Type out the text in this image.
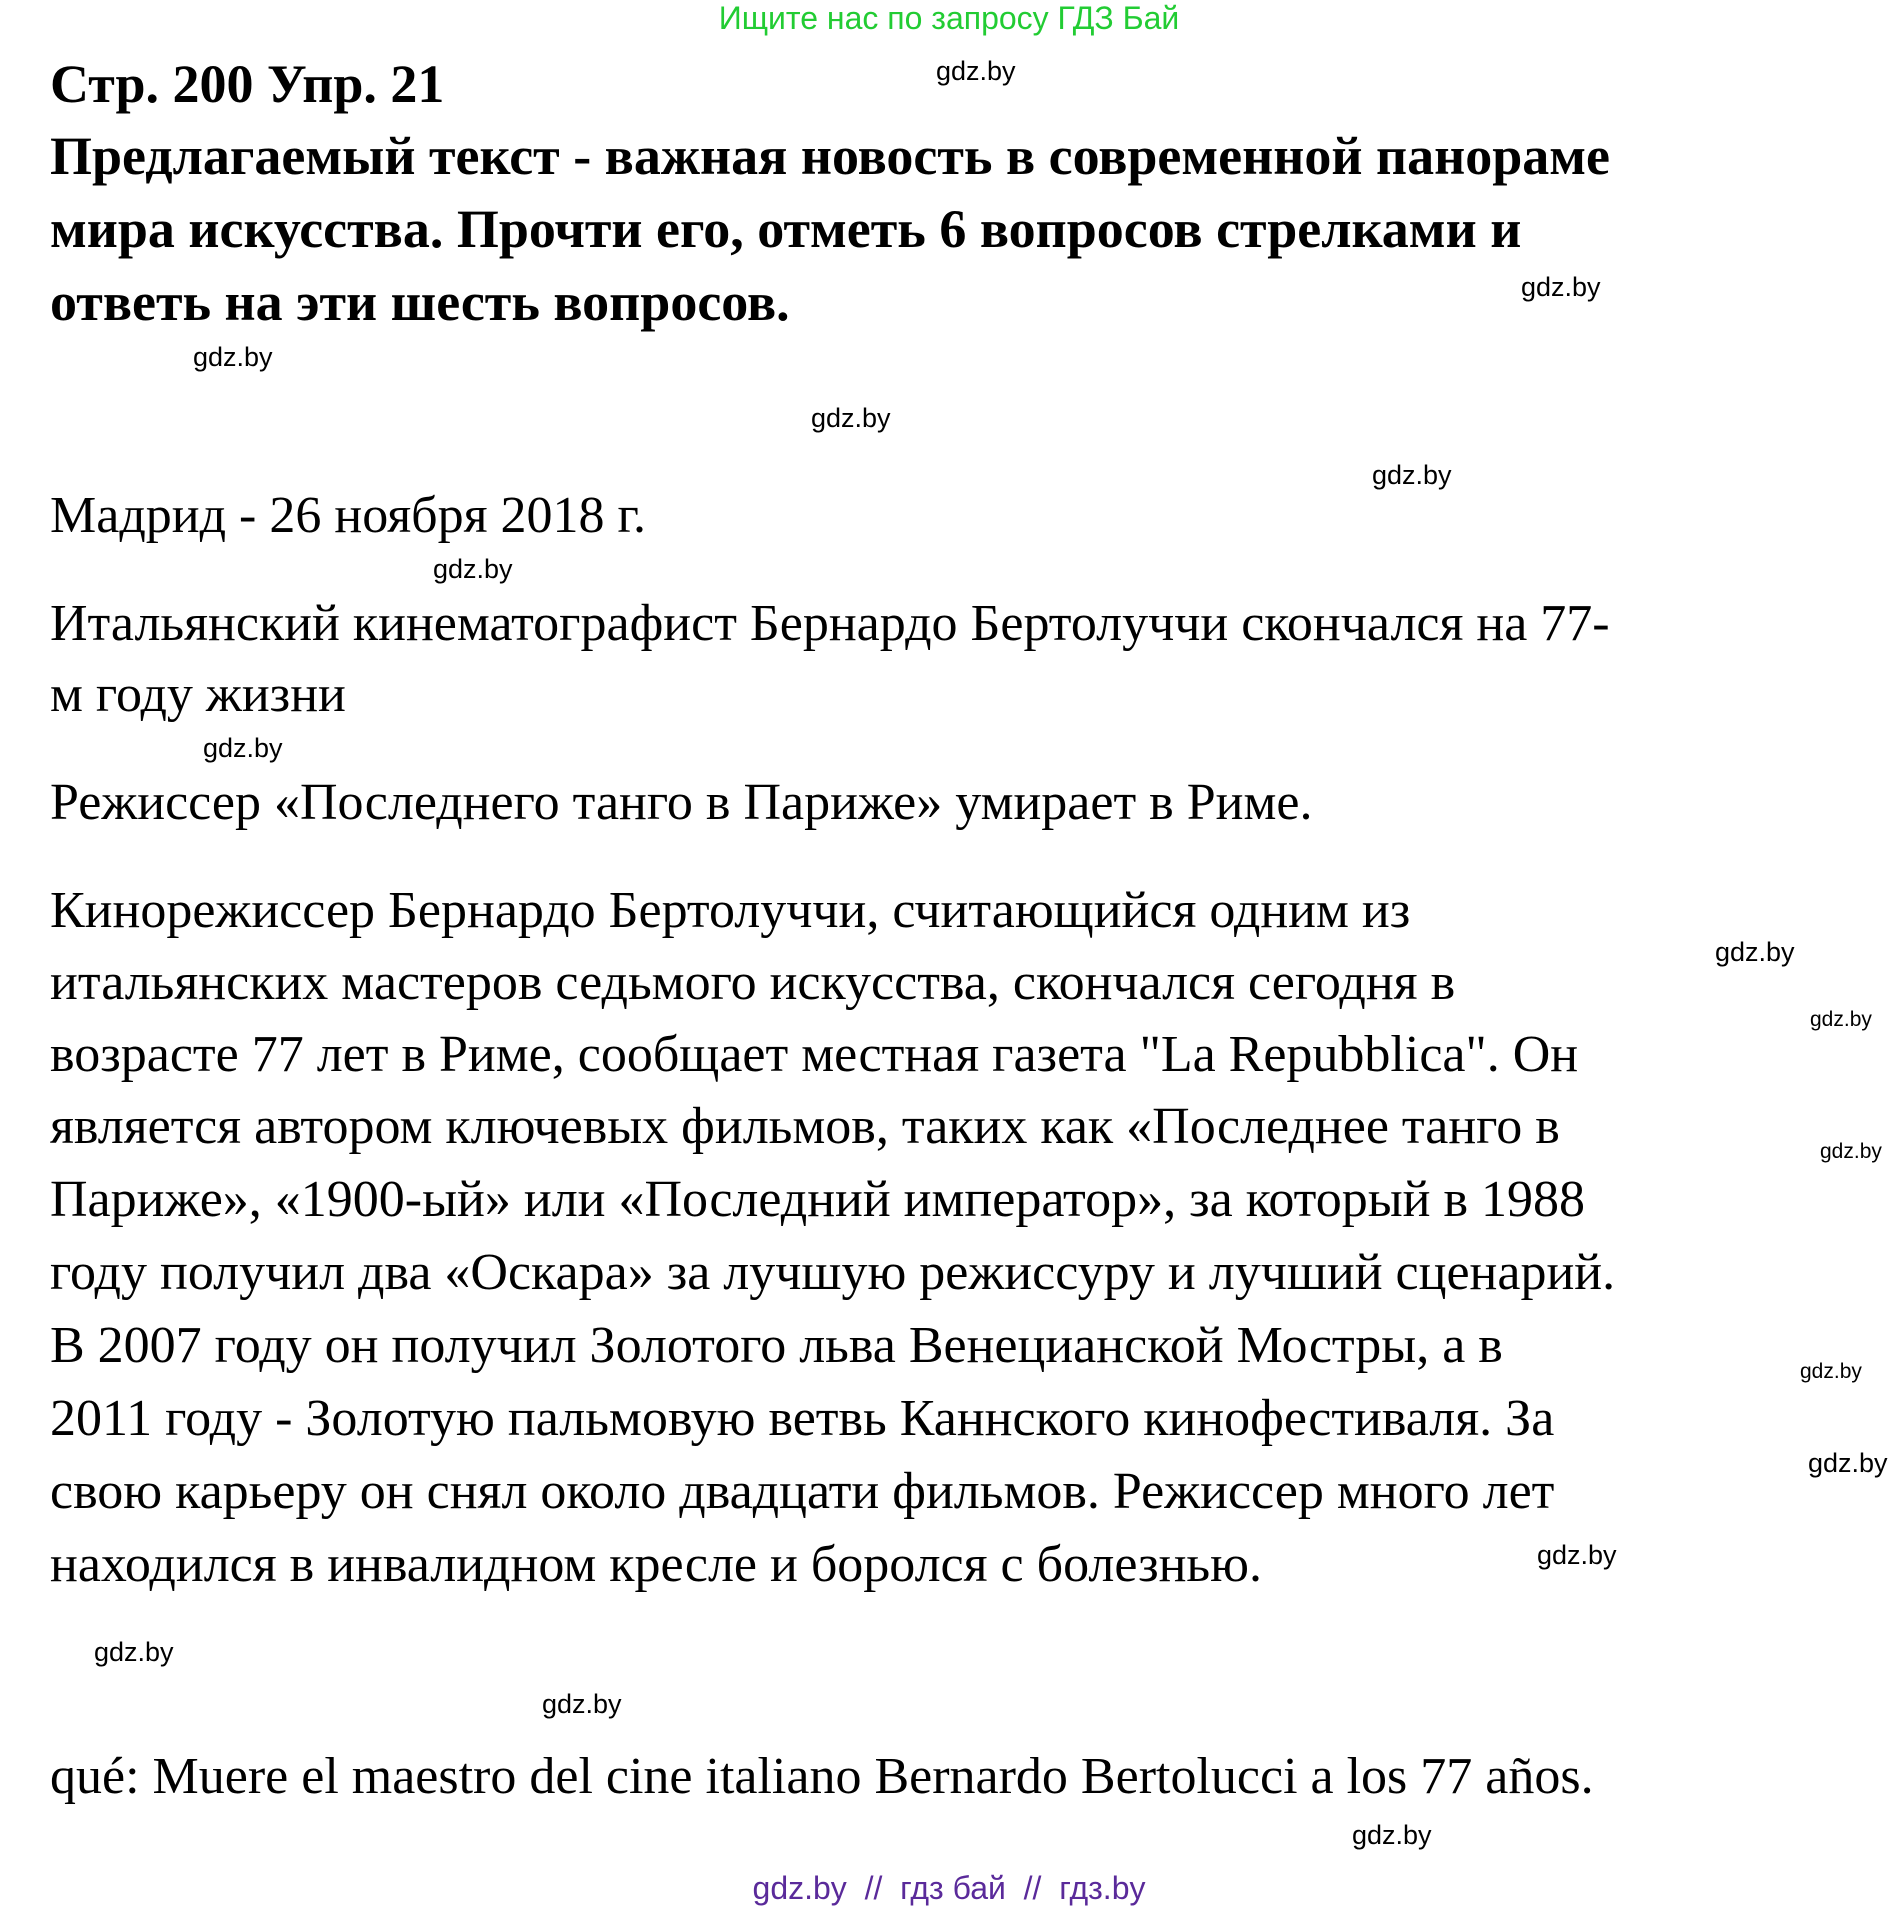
Ищите нас по запросу ГДЗ Бай
Стр. 200 Упр. 21
Предлагаемый текст - важная новость в современной панораме
мира искусства. Прочти его, отметь 6 вопросов стрелками и
ответь на эти шесть вопросов.
Мадрид - 26 ноября 2018 г.
Итальянский кинематографист Бернардо Бертолуччи скончался на 77-
м году жизни
Режиссер «Последнего танго в Париже» умирает в Риме.
Кинорежиссер Бернардо Бертолуччи, считающийся одним из
итальянских мастеров седьмого искусства, скончался сегодня в
возрасте 77 лет в Риме, сообщает местная газета "La Repubblica". Он
является автором ключевых фильмов, таких как «Последнее танго в
Париже», «1900-ый» или «Последний император», за который в 1988
году получил два «Оскара» за лучшую режиссуру и лучший сценарий.
В 2007 году он получил Золотого льва Венецианской Мостры, а в
2011 году - Золотую пальмовую ветвь Каннского кинофестиваля. За
свою карьеру он снял около двадцати фильмов. Режиссер много лет
находился в инвалидном кресле и боролся с болезнью.
qué: Muere el maestro del cine italiano Bernardo Bertolucci a los 77 años.
gdz.by
gdz.by
gdz.by
gdz.by
gdz.by
gdz.by
gdz.by
gdz.by
gdz.by
gdz.by
gdz.by
gdz.by
gdz.by
gdz.by
gdz.by
gdz.by
gdz.by  //  гдз бай  //  гдз.by
